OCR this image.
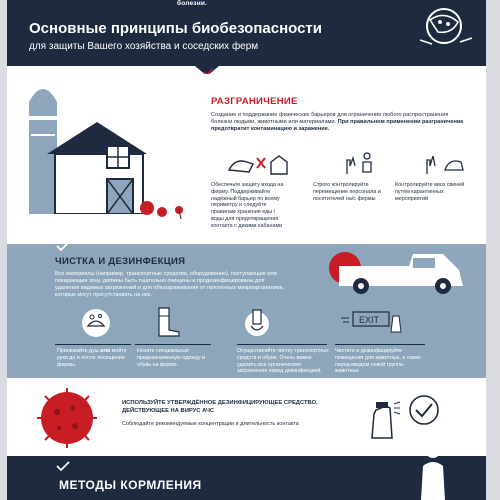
болезни.
Основные принципы биобезопасности
для защиты Вашего хозяйства и соседских ферм
РАЗГРАНИЧЕНИЕ
Создание и поддержание физических барьеров для ограничения любого распространения болезни людьми, животными или материалами. При правильном применении разграничение предотвратит контаминацию и заражение.
Обеспечьте защиту входа на ферму. Поддерживайте надёжный барьер по всему периметру и следуйте правилам хранения еды / воды для предотвращения контакта с дикими кабанами
Строго контролируйте перемещение персонала и посетителей на/с фермы
Контролируйте ввоз свиней путём карантинных мероприятий
ЧИСТКА И ДЕЗИНФЕКЦИЯ
Все материалы (например, транспортные средства, оборудование), поступающие или покидающие зону, должны быть тщательно очищены и продезинфицированы для удаления видимых загрязнений и для обеззараживания от патогенных микроорганизмов, которые могут присутствовать на них.
EXIT
Принимайте душ или мойте руки до и после посещения фермы.
Носите специальные предназначенную одежду и обувь на ферме.
Осуществляйте чистку транспортных средств и обуви. Очень важно удалить все органические загрязнения перед дезинфекцией.
Чистите и дезинфицируйте помещения для животных, а также перед вводом новой группы животных
ИСПОЛЬЗУЙТЕ УТВЕРЖДЁННОЕ ДЕЗИНФИЦИРУЮЩЕЕ СРЕДСТВО, ДЕЙСТВУЮЩЕЕ НА ВИРУС АЧС
Соблюдайте рекомендуемые концентрации и длительность контакта
МЕТОДЫ КОРМЛЕНИЯ
